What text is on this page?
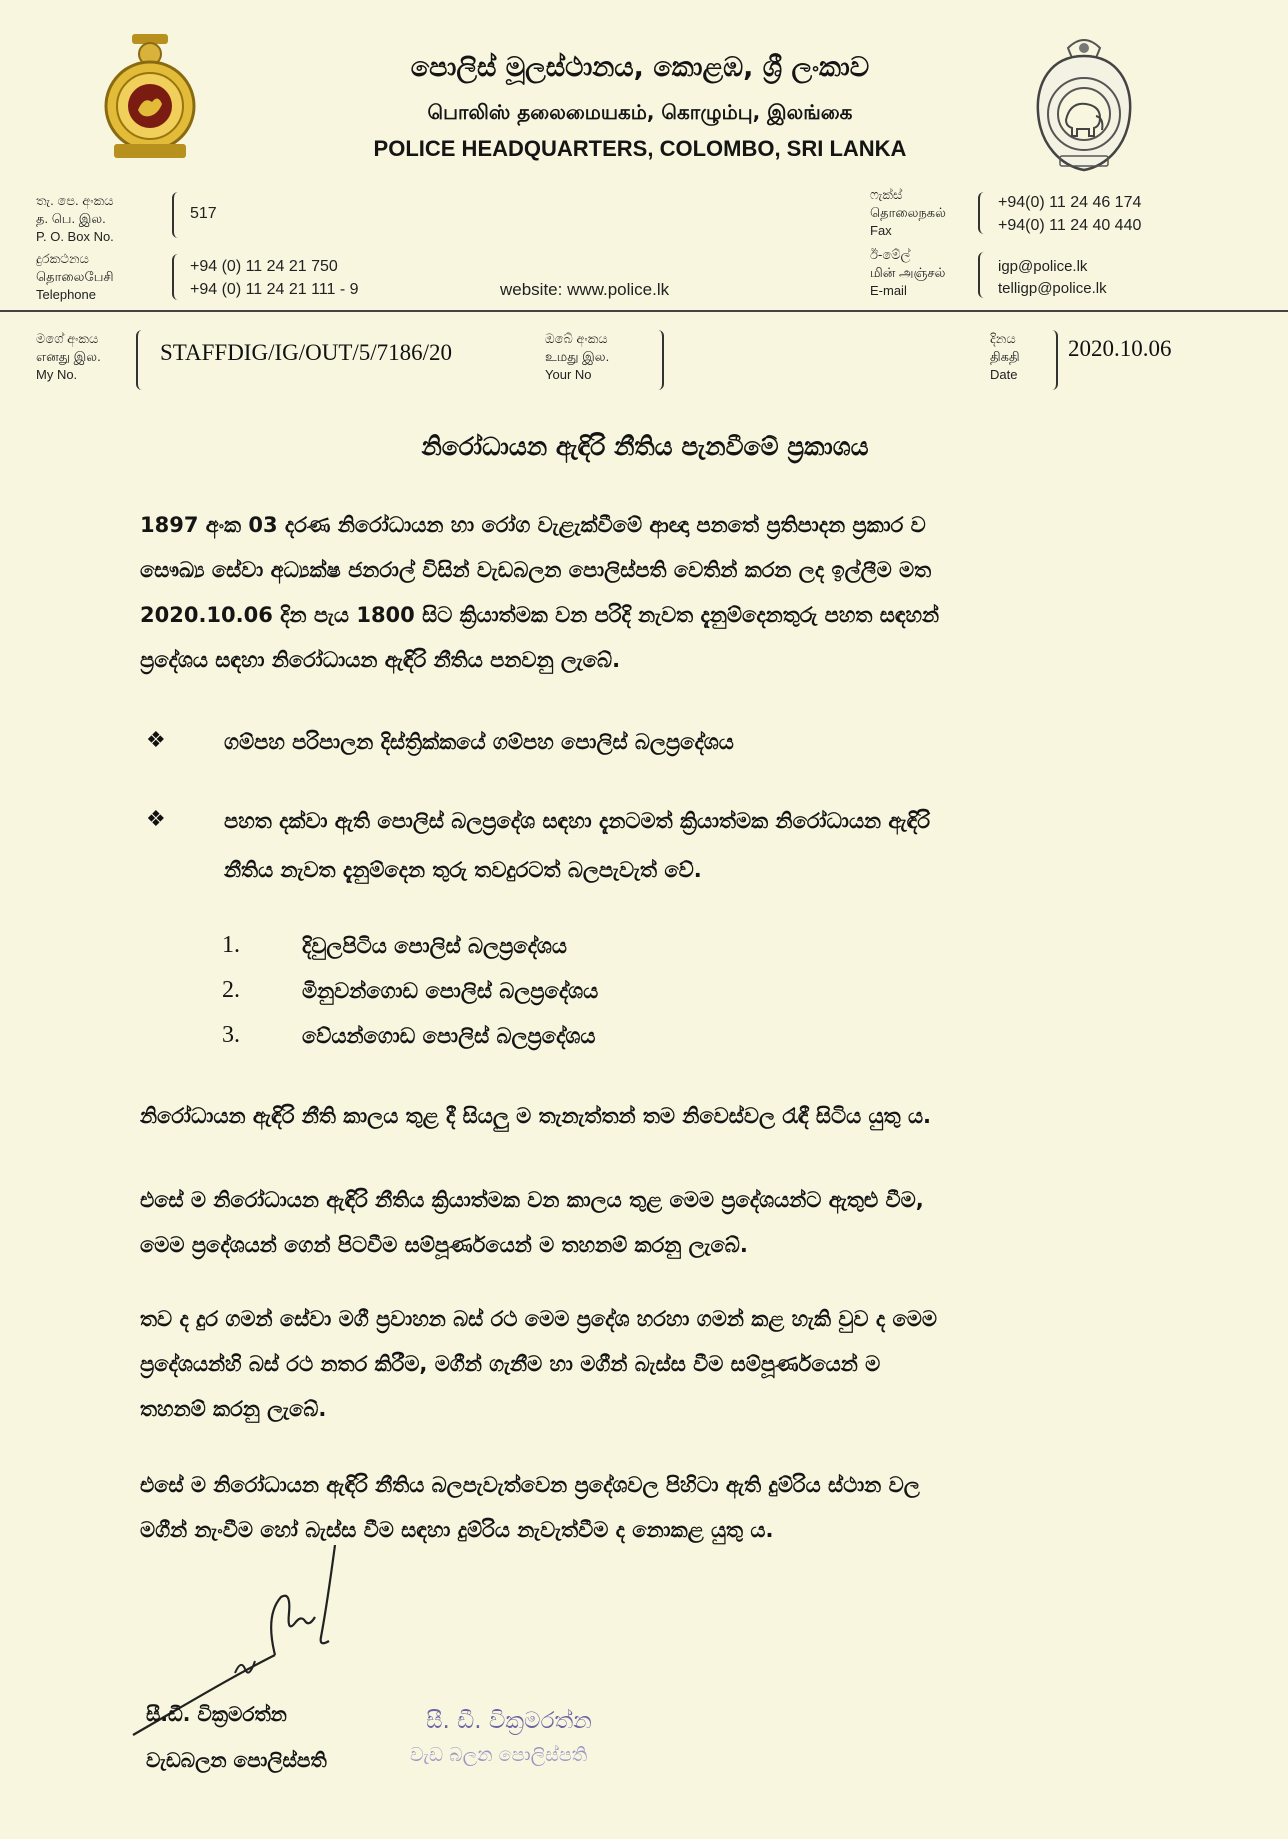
පොලිස් මූලස්ථානය, කොළඹ, ශ්‍රී ලංකාව
பொலிஸ் தலைமையகம், கொழும்பு, இலங்கை
POLICE HEADQUARTERS, COLOMBO, SRI LANKA
තැ. පෙ. අංකය
த. பெ. இல.
P. O. Box No.
517
දුරකථනය
தொலைபேசி
Telephone
+94 (0) 11 24 21 750
+94 (0) 11 24 21 111 - 9	website: www.police.lk
ෆැක්ස්
தொலைநகல்
Fax
+94(0) 11 24 46 174
+94(0) 11 24 40 440
ඊ-මේල්
மின் அஞ்சல்
E-mail
igp@police.lk
telligp@police.lk
මගේ අංකය
எனது இல.
My No.
STAFFDIG/IG/OUT/5/7186/20
ඔබේ අංකය
உமது இல.
Your No
දිනය
திகதி
Date
2020.10.06
නිරෝධායන ඇඳිරි නීතිය පැනවීමේ ප්‍රකාශය
1897 අංක 03 දරණ නිරෝධායන හා රෝග වැළැක්වීමේ ආඥා පනතේ ප්‍රතිපාදන ප්‍රකාර ව
සෞඛ්‍ය සේවා අධ්‍යක්ෂ ජනරාල් විසින් වැඩබලන පොලිස්පති වෙතින් කරන ලද ඉල්ලීම මත
2020.10.06 දින පැය 1800 සිට ක්‍රියාත්මක වන පරිදි නැවත දැනුම්දෙනතුරු පහත සඳහන්
ප්‍රදේශය සඳහා නිරෝධායන ඇඳිරි නීතිය පනවනු ලැබේ.
❖	ගම්පහ පරිපාලන දිස්ත්‍රික්කයේ ගම්පහ පොලිස් බලප්‍රදේශය
❖	පහත දක්වා ඇති පොලිස් බලප්‍රදේශ සඳහා දැනටමත් ක්‍රියාත්මක නිරෝධායන ඇඳිරි
නීතිය නැවත දැනුම්දෙන තුරු තවදුරටත් බලපැවැත් වේ.
1.	දිවුලපිටිය පොලිස් බලප්‍රදේශය
2.	මිනුවන්ගොඩ පොලිස් බලප්‍රදේශය
3.	වේයන්ගොඩ පොලිස් බලප්‍රදේශය
නිරෝධායන ඇඳිරි නීති කාලය තුළ දී සියලු ම තැනැත්තන් තම නිවෙස්වල රැඳී සිටිය යුතු ය.
එසේ ම නිරෝධායන ඇඳිරි නීතිය ක්‍රියාත්මක වන කාලය තුළ මෙම ප්‍රදේශයන්ට ඇතුළු වීම,
මෙම ප්‍රදේශයන් ගෙන් පිටවීම සම්පූර්ණයෙන් ම තහනම් කරනු ලැබේ.
තව ද දුර ගමන් සේවා මගී ප්‍රවාහන බස් රථ මෙම ප්‍රදේශ හරහා ගමන් කළ හැකි වුව ද මෙම
ප්‍රදේශයන්හි බස් රථ නතර කිරීම, මගීන් ගැනීම හා මගීන් බැස්ස වීම සම්පූර්ණයෙන් ම
තහනම් කරනු ලැබේ.
එසේ ම නිරෝධායන ඇඳිරි නීතිය බලපැවැත්වෙන ප්‍රදේශවල පිහිටා ඇති දුම්රිය ස්ථාන වල
මගීන් නැංවීම හෝ බැස්ස වීම සඳහා දුම්රිය නැවැත්වීම ද නොකළ යුතු ය.
සී.ඩී. වික්‍රමරත්න
වැඩබලන පොලිස්පති
සී. ඩී. වික්‍රමරත්න
වැඩ බලන පොලිස්පති
